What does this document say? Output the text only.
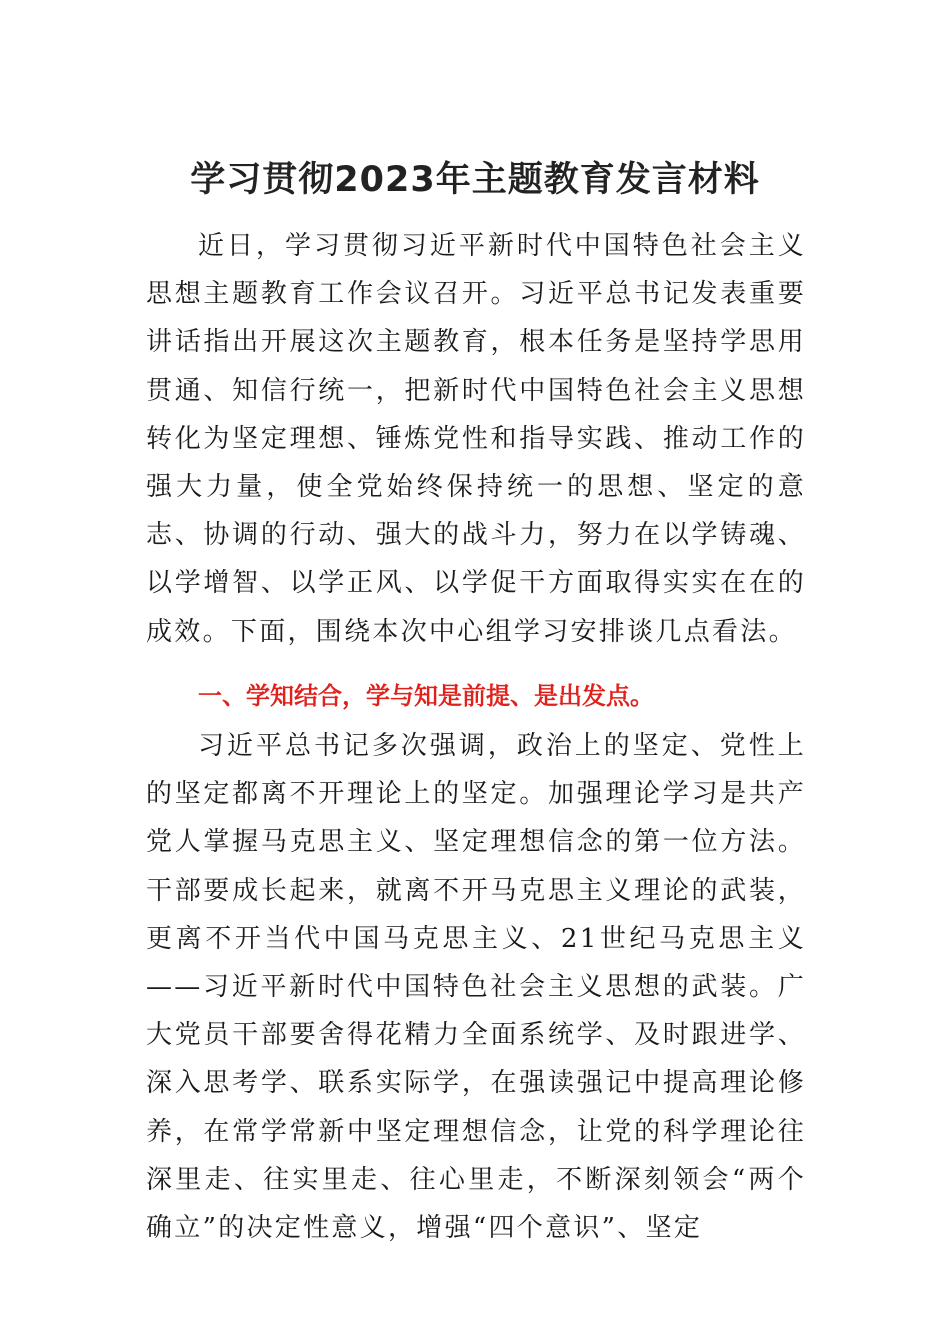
学习贯彻2023年主题教育发言材料

近日，学习贯彻习近平新时代中国特色社会主义思想主题教育工作会议召开。习近平总书记发表重要讲话指出开展这次主题教育，根本任务是坚持学思用贯通、知信行统一，把新时代中国特色社会主义思想转化为坚定理想、锤炼党性和指导实践、推动工作的强大力量，使全党始终保持统一的思想、坚定的意志、协调的行动、强大的战斗力，努力在以学铸魂、以学增智、以学正风、以学促干方面取得实实在在的成效。下面，围绕本次中心组学习安排谈几点看法。

一、学知结合，学与知是前提、是出发点。

习近平总书记多次强调，政治上的坚定、党性上的坚定都离不开理论上的坚定。加强理论学习是共产党人掌握马克思主义、坚定理想信念的第一位方法。干部要成长起来，就离不开马克思主义理论的武装，更离不开当代中国马克思主义、21世纪马克思主义——习近平新时代中国特色社会主义思想的武装。广大党员干部要舍得花精力全面系统学、及时跟进学、深入思考学、联系实际学，在强读强记中提高理论修养，在常学常新中坚定理想信念，让党的科学理论往深里走、往实里走、往心里走，不断深刻领会“两个确立”的决定性意义，增强“四个意识”、坚定
